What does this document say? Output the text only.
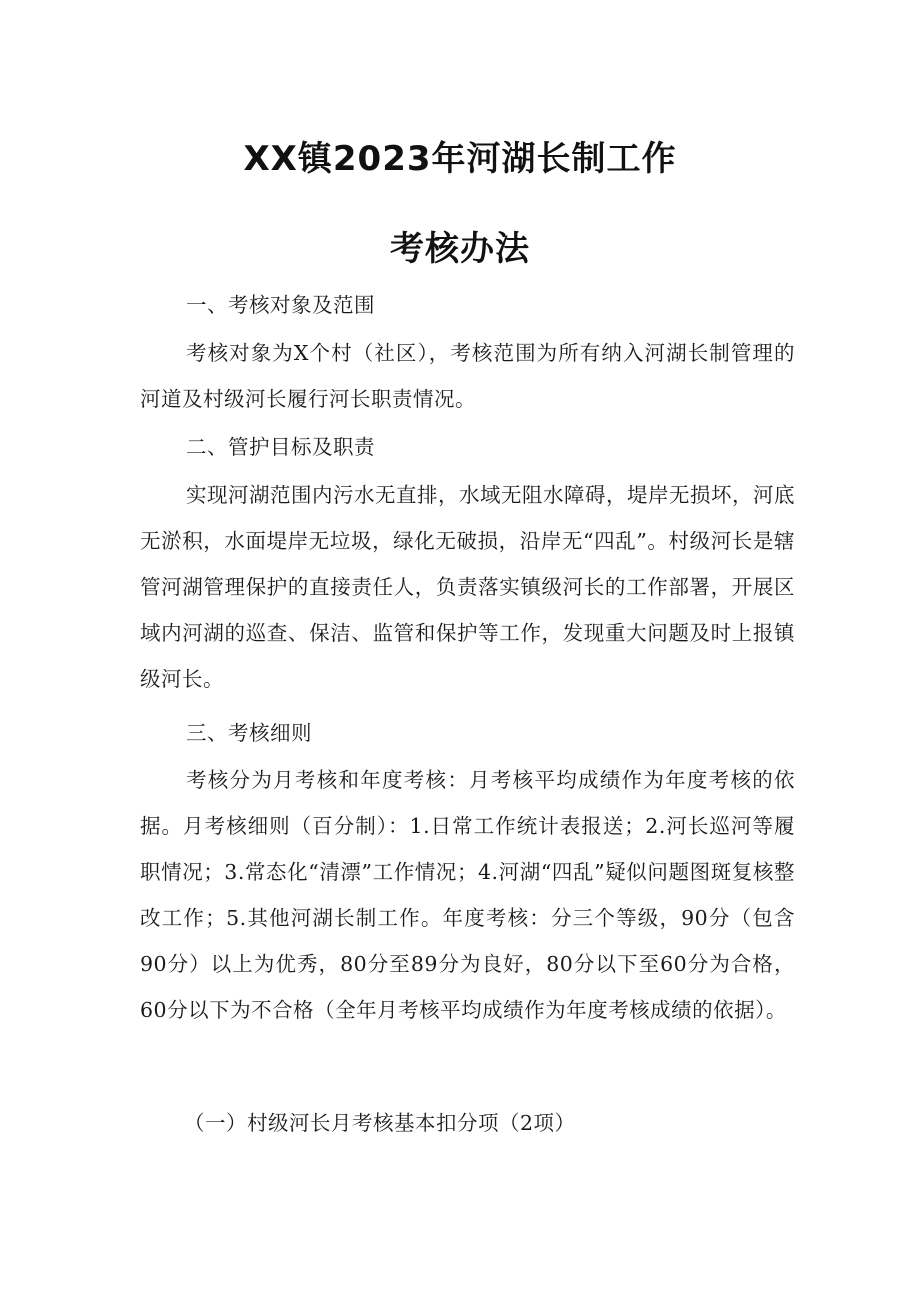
XX镇2023年河湖长制工作
考核办法

一、考核对象及范围

考核对象为X个村（社区），考核范围为所有纳入河湖长制管理的河道及村级河长履行河长职责情况。

二、管护目标及职责

实现河湖范围内污水无直排，水域无阻水障碍，堤岸无损坏，河底无淤积，水面堤岸无垃圾，绿化无破损，沿岸无“四乱”。村级河长是辖管河湖管理保护的直接责任人，负责落实镇级河长的工作部署，开展区域内河湖的巡查、保洁、监管和保护等工作，发现重大问题及时上报镇级河长。

三、考核细则

考核分为月考核和年度考核：月考核平均成绩作为年度考核的依据。月考核细则（百分制）：1.日常工作统计表报送；2.河长巡河等履职情况；3.常态化“清漂”工作情况；4.河湖“四乱”疑似问题图斑复核整改工作；5.其他河湖长制工作。年度考核：分三个等级，90分（包含90分）以上为优秀，80分至89分为良好，80分以下至60分为合格，60分以下为不合格（全年月考核平均成绩作为年度考核成绩的依据）。

（一）村级河长月考核基本扣分项（2项）
